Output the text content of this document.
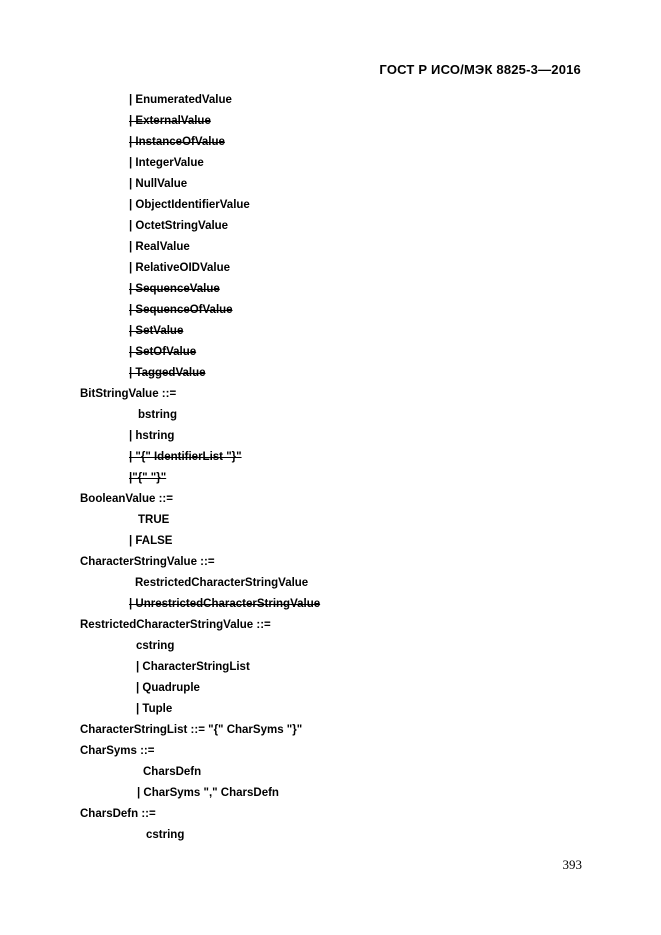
ГОСТ Р ИСО/МЭК 8825-3—2016
| EnumeratedValue
| ExternalValue
| InstanceOfValue
| IntegerValue
| NullValue
| ObjectIdentifierValue
| OctetStringValue
| RealValue
| RelativeOIDValue
| SequenceValue
| SequenceOfValue
| SetValue
| SetOfValue
| TaggedValue
BitStringValue ::=
bstring
| hstring
| "{" IdentifierList "}"
|"{" "}"
BooleanValue ::=
TRUE
| FALSE
CharacterStringValue ::=
RestrictedCharacterStringValue
| UnrestrictedCharacterStringValue
RestrictedCharacterStringValue ::=
cstring
| CharacterStringList
| Quadruple
| Tuple
CharacterStringList ::= "{" CharSyms "}"
CharSyms ::=
CharsDefn
| CharSyms "," CharsDefn
CharsDefn ::=
cstring
393
